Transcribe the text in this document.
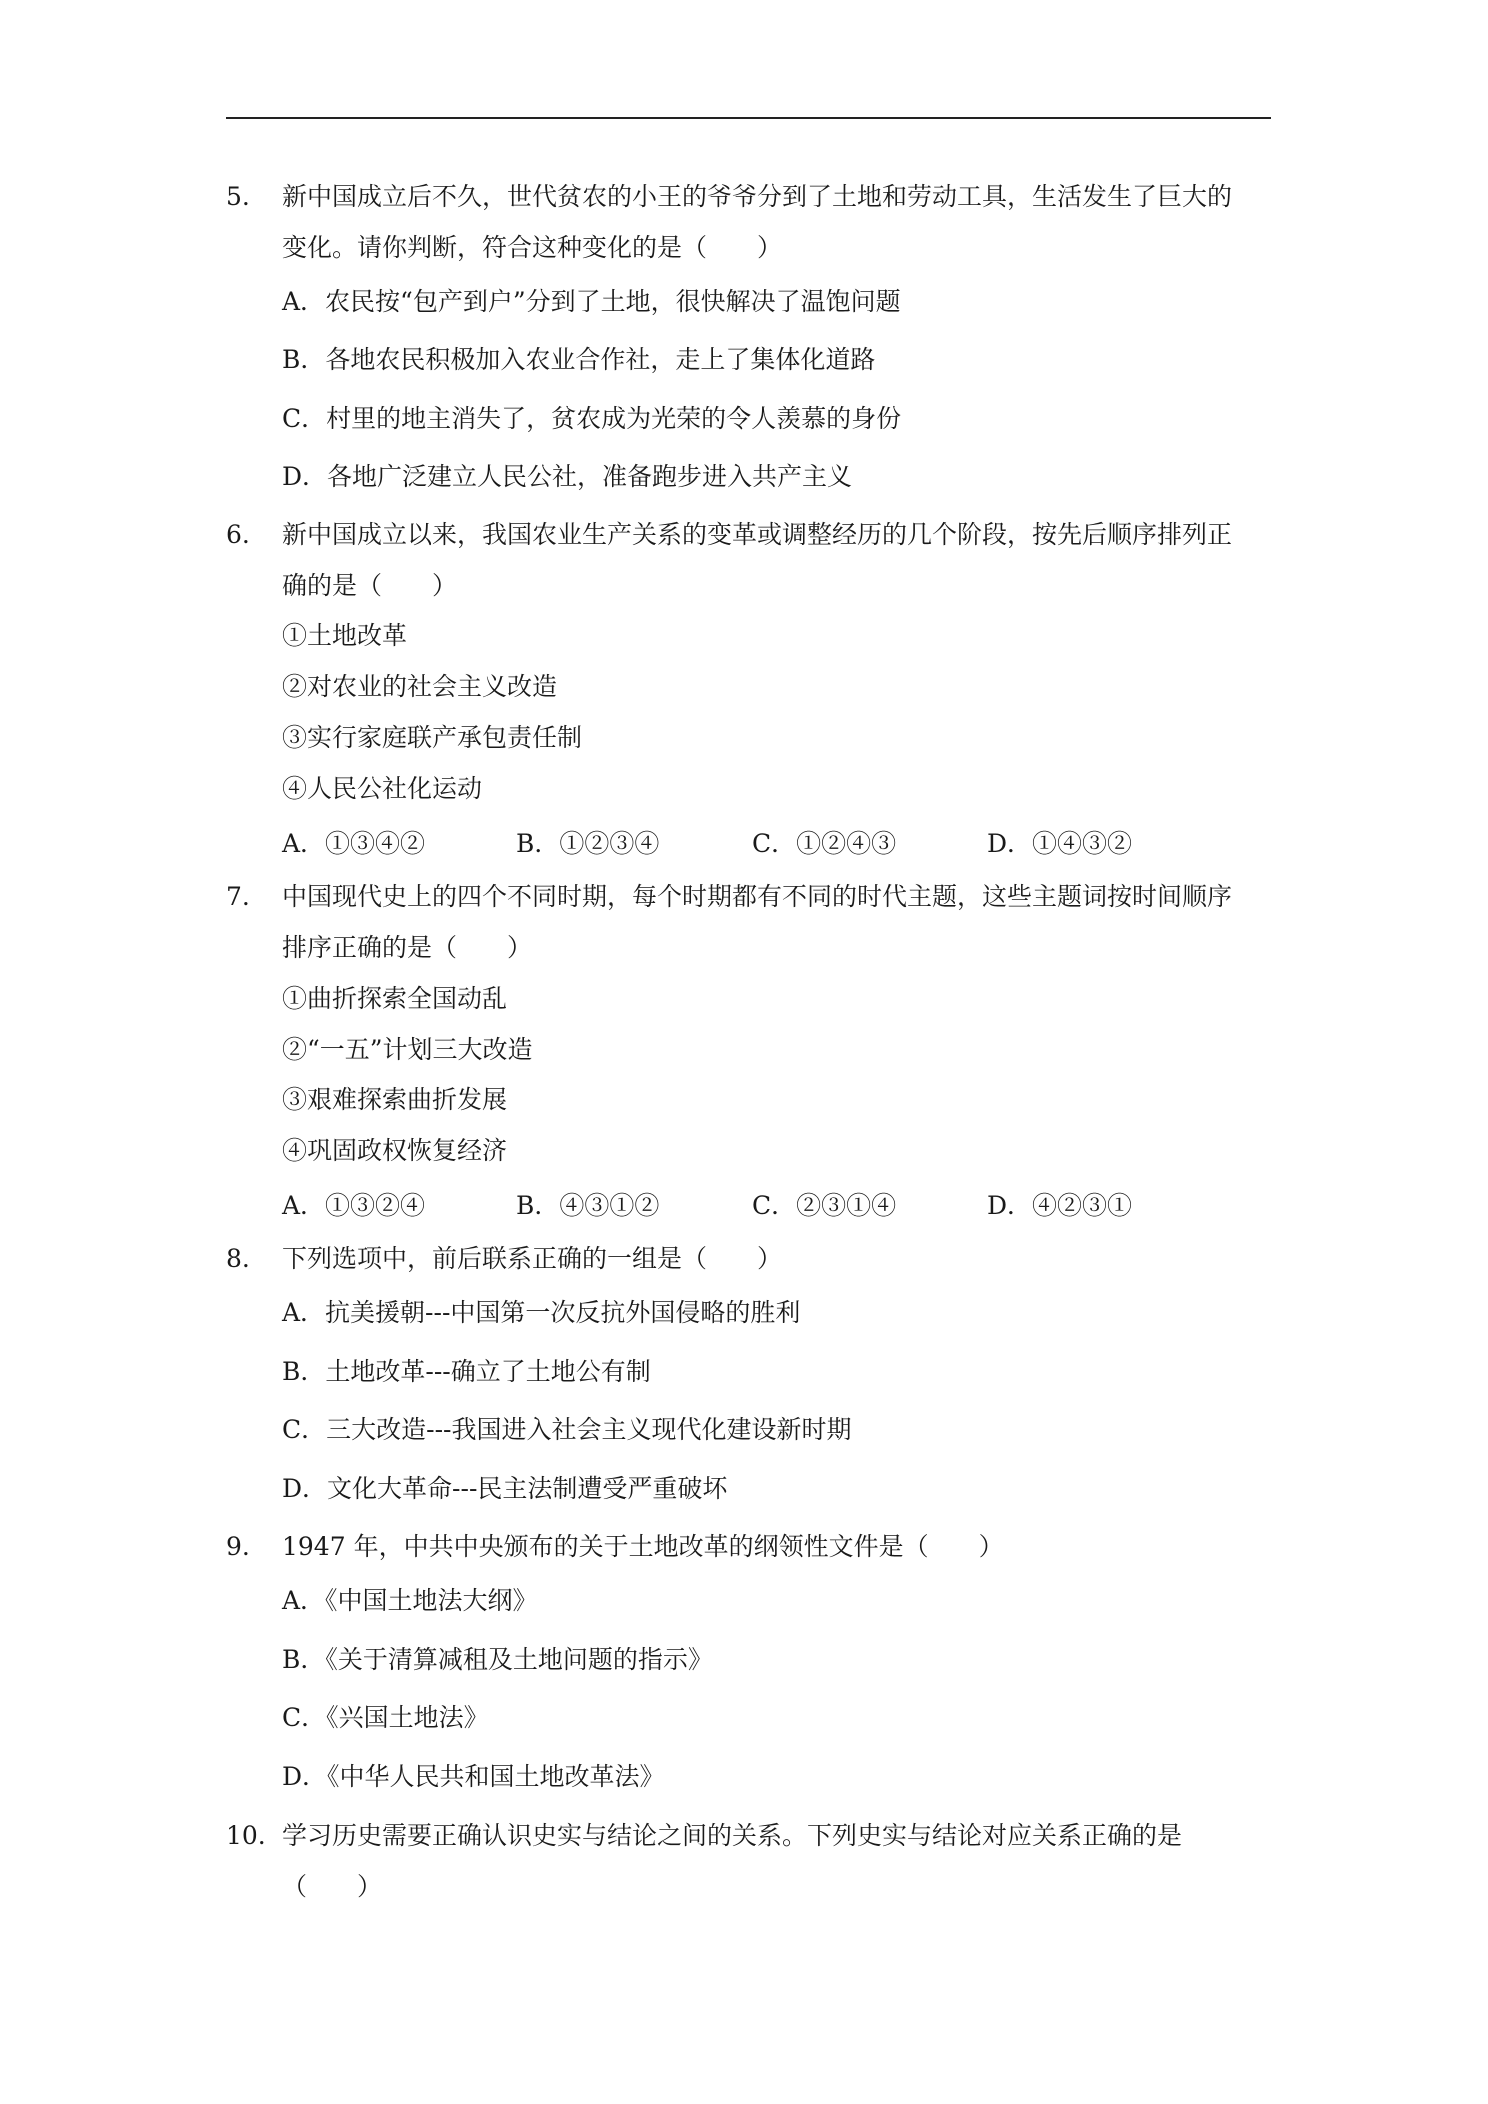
5. 新中国成立后不久，世代贫农的小王的爷爷分到了土地和劳动工具，生活发生了巨大的
变化。请你判断，符合这种变化的是（　　）
A．农民按“包产到户”分到了土地，很快解决了温饱问题
B．各地农民积极加入农业合作社，走上了集体化道路
C．村里的地主消失了，贫农成为光荣的令人羡慕的身份
D．各地广泛建立人民公社，准备跑步进入共产主义
6. 新中国成立以来，我国农业生产关系的变革或调整经历的几个阶段，按先后顺序排列正
确的是（　　）
①土地改革
②对农业的社会主义改造
③实行家庭联产承包责任制
④人民公社化运动
A．①③④②	B．①②③④	C．①②④③	D．①④③②
7. 中国现代史上的四个不同时期，每个时期都有不同的时代主题，这些主题词按时间顺序
排序正确的是（　　）
①曲折探索全国动乱
②“一五”计划三大改造
③艰难探索曲折发展
④巩固政权恢复经济
A．①③②④	B．④③①②	C．②③①④	D．④②③①
8. 下列选项中，前后联系正确的一组是（　　）
A．抗美援朝---中国第一次反抗外国侵略的胜利
B．土地改革---确立了土地公有制
C．三大改造---我国进入社会主义现代化建设新时期
D．文化大革命---民主法制遭受严重破坏
9. 1947 年，中共中央颁布的关于土地改革的纲领性文件是（　　）
A．《中国土地法大纲》
B．《关于清算减租及土地问题的指示》
C．《兴国土地法》
D．《中华人民共和国土地改革法》
10. 学习历史需要正确认识史实与结论之间的关系。下列史实与结论对应关系正确的是
（　　）
